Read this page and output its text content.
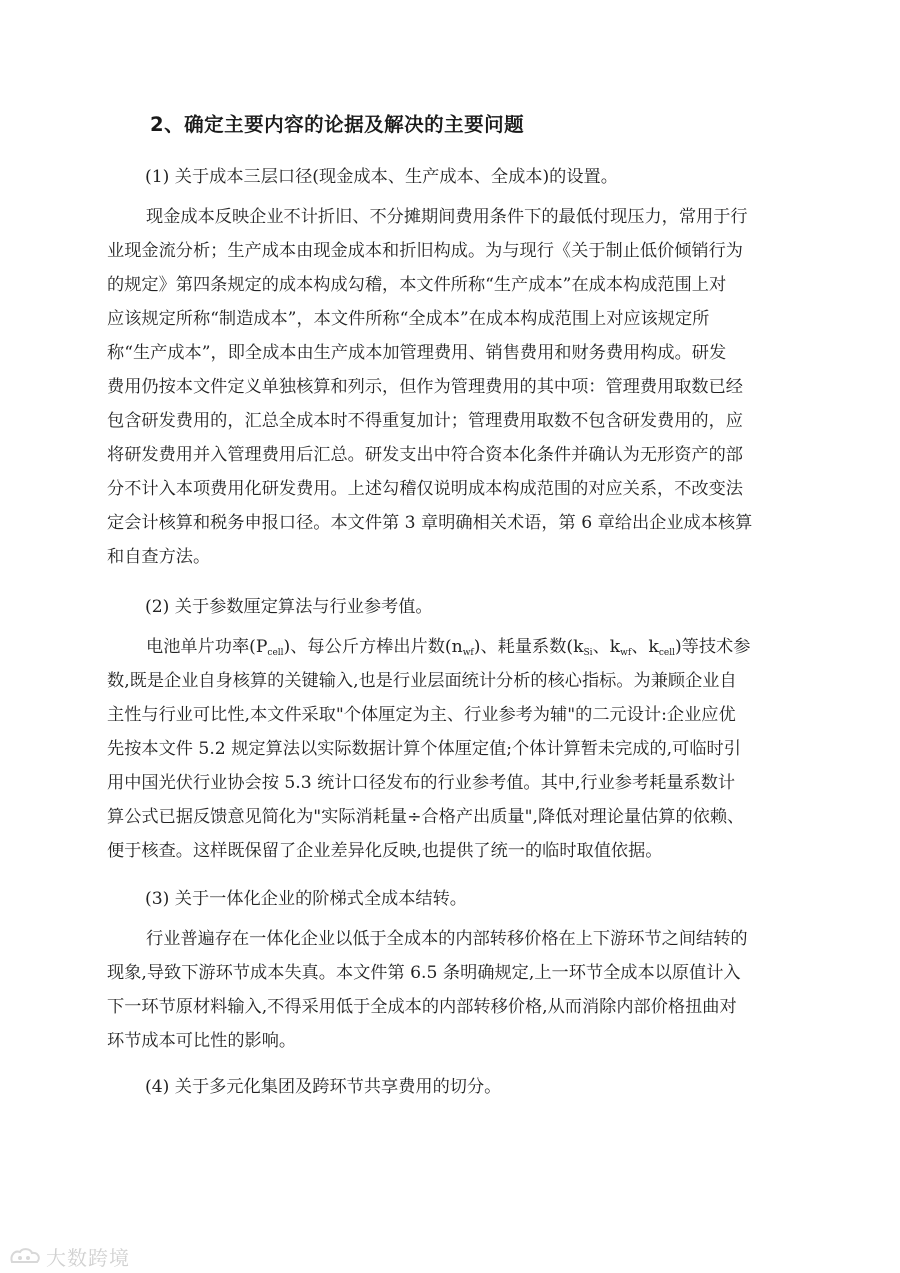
2、确定主要内容的论据及解决的主要问题
(1) 关于成本三层口径(现金成本、生产成本、全成本)的设置。
现金成本反映企业不计折旧、不分摊期间费用条件下的最低付现压力，常用于行
业现金流分析；生产成本由现金成本和折旧构成。为与现行《关于制止低价倾销行为
的规定》第四条规定的成本构成勾稽，本文件所称“生产成本”在成本构成范围上对
应该规定所称“制造成本”，本文件所称“全成本”在成本构成范围上对应该规定所
称“生产成本”，即全成本由生产成本加管理费用、销售费用和财务费用构成。研发
费用仍按本文件定义单独核算和列示，但作为管理费用的其中项：管理费用取数已经
包含研发费用的，汇总全成本时不得重复加计；管理费用取数不包含研发费用的，应
将研发费用并入管理费用后汇总。研发支出中符合资本化条件并确认为无形资产的部
分不计入本项费用化研发费用。上述勾稽仅说明成本构成范围的对应关系，不改变法
定会计核算和税务申报口径。本文件第 3 章明确相关术语，第 6 章给出企业成本核算
和自查方法。
(2) 关于参数厘定算法与行业参考值。
电池单片功率$(P_{cell})$、每公斤方棒出片数$(n_{wf})$、耗量系数($k_{Si}$、$k_{wf}$、$k_{cell}$)等技术参
数,既是企业自身核算的关键输入,也是行业层面统计分析的核心指标。为兼顾企业自
主性与行业可比性,本文件采取"个体厘定为主、行业参考为辅"的二元设计:企业应优
先按本文件 5.2 规定算法以实际数据计算个体厘定值;个体计算暂未完成的,可临时引
用中国光伏行业协会按 5.3 统计口径发布的行业参考值。其中,行业参考耗量系数计
算公式已据反馈意见简化为"实际消耗量÷合格产出质量",降低对理论量估算的依赖、
便于核查。这样既保留了企业差异化反映,也提供了统一的临时取值依据。
(3) 关于一体化企业的阶梯式全成本结转。
行业普遍存在一体化企业以低于全成本的内部转移价格在上下游环节之间结转的
现象,导致下游环节成本失真。本文件第 6.5 条明确规定,上一环节全成本以原值计入
下一环节原材料输入,不得采用低于全成本的内部转移价格,从而消除内部价格扭曲对
环节成本可比性的影响。
(4) 关于多元化集团及跨环节共享费用的切分。
大数跨境
